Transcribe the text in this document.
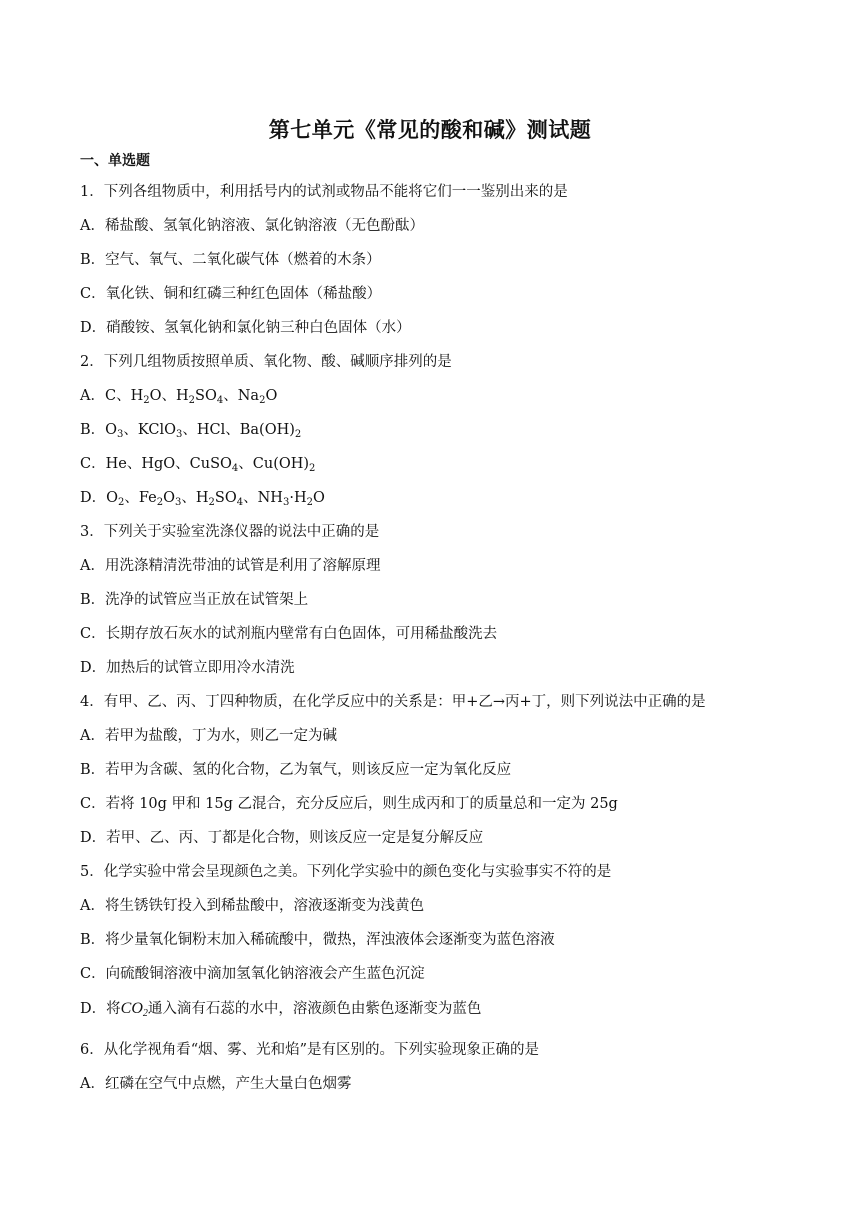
第七单元《常见的酸和碱》测试题
一、单选题
1．下列各组物质中，利用括号内的试剂或物品不能将它们一一鉴别出来的是
A．稀盐酸、氢氧化钠溶液、氯化钠溶液（无色酚酞）
B．空气、氧气、二氧化碳气体（燃着的木条）
C．氧化铁、铜和红磷三种红色固体（稀盐酸）
D．硝酸铵、氢氧化钠和氯化钠三种白色固体（水）
2．下列几组物质按照单质、氧化物、酸、碱顺序排列的是
A．C、$H_2O$、$H_2SO_4$、$Na_2O$
B．$O_3$、KClO$_3$、HCl、$Ba(OH)_2$
C．He、HgO、CuSO$_4$、$Cu(OH)_2$
D．$O_2$、$Fe_2O_3$、$H_2SO_4$、$NH_3\cdot H_2O$
3．下列关于实验室洗涤仪器的说法中正确的是
A．用洗涤精清洗带油的试管是利用了溶解原理
B．洗净的试管应当正放在试管架上
C．长期存放石灰水的试剂瓶内壁常有白色固体，可用稀盐酸洗去
D．加热后的试管立即用冷水清洗
4．有甲、乙、丙、丁四种物质，在化学反应中的关系是：甲+乙→丙+丁，则下列说法中正确的是
A．若甲为盐酸，丁为水，则乙一定为碱
B．若甲为含碳、氢的化合物，乙为氧气，则该反应一定为氧化反应
C．若将 10g 甲和 15g 乙混合，充分反应后，则生成丙和丁的质量总和一定为 25g
D．若甲、乙、丙、丁都是化合物，则该反应一定是复分解反应
5．化学实验中常会呈现颜色之美。下列化学实验中的颜色变化与实验事实不符的是
A．将生锈铁钉投入到稀盐酸中，溶液逐渐变为浅黄色
B．将少量氧化铜粉末加入稀硫酸中，微热，浑浊液体会逐渐变为蓝色溶液
C．向硫酸铜溶液中滴加氢氧化钠溶液会产生蓝色沉淀
D．将$CO_2$通入滴有石蕊的水中，溶液颜色由紫色逐渐变为蓝色
6．从化学视角看“烟、雾、光和焰”是有区别的。下列实验现象正确的是
A．红磷在空气中点燃，产生大量白色烟雾
